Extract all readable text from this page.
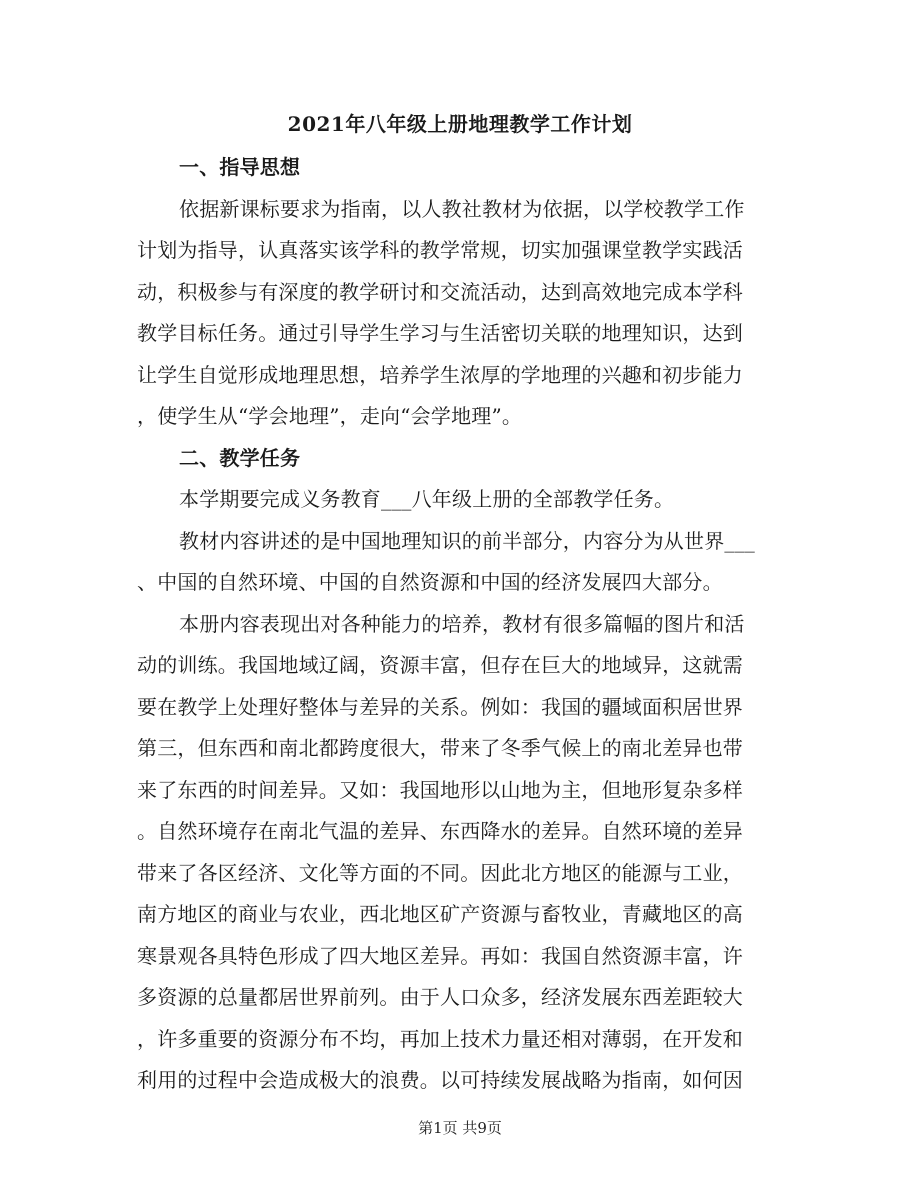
2021年八年级上册地理教学工作计划
一、指导思想
依据新课标要求为指南，以人教社教材为依据，以学校教学工作
计划为指导，认真落实该学科的教学常规，切实加强课堂教学实践活
动，积极参与有深度的教学研讨和交流活动，达到高效地完成本学科
教学目标任务。通过引导学生学习与生活密切关联的地理知识，达到
让学生自觉形成地理思想，培养学生浓厚的学地理的兴趣和初步能力
，使学生从“学会地理”，走向“会学地理”。
二、教学任务
本学期要完成义务教育___八年级上册的全部教学任务。
教材内容讲述的是中国地理知识的前半部分，内容分为从世界___
、中国的自然环境、中国的自然资源和中国的经济发展四大部分。
本册内容表现出对各种能力的培养，教材有很多篇幅的图片和活
动的训练。我国地域辽阔，资源丰富，但存在巨大的地域异，这就需
要在教学上处理好整体与差异的关系。例如：我国的疆域面积居世界
第三，但东西和南北都跨度很大，带来了冬季气候上的南北差异也带
来了东西的时间差异。又如：我国地形以山地为主，但地形复杂多样
。自然环境存在南北气温的差异、东西降水的差异。自然环境的差异
带来了各区经济、文化等方面的不同。因此北方地区的能源与工业，
南方地区的商业与农业，西北地区矿产资源与畜牧业，青藏地区的高
寒景观各具特色形成了四大地区差异。再如：我国自然资源丰富，许
多资源的总量都居世界前列。由于人口众多，经济发展东西差距较大
，许多重要的资源分布不均，再加上技术力量还相对薄弱，在开发和
利用的过程中会造成极大的浪费。以可持续发展战略为指南，如何因
第1页 共9页
